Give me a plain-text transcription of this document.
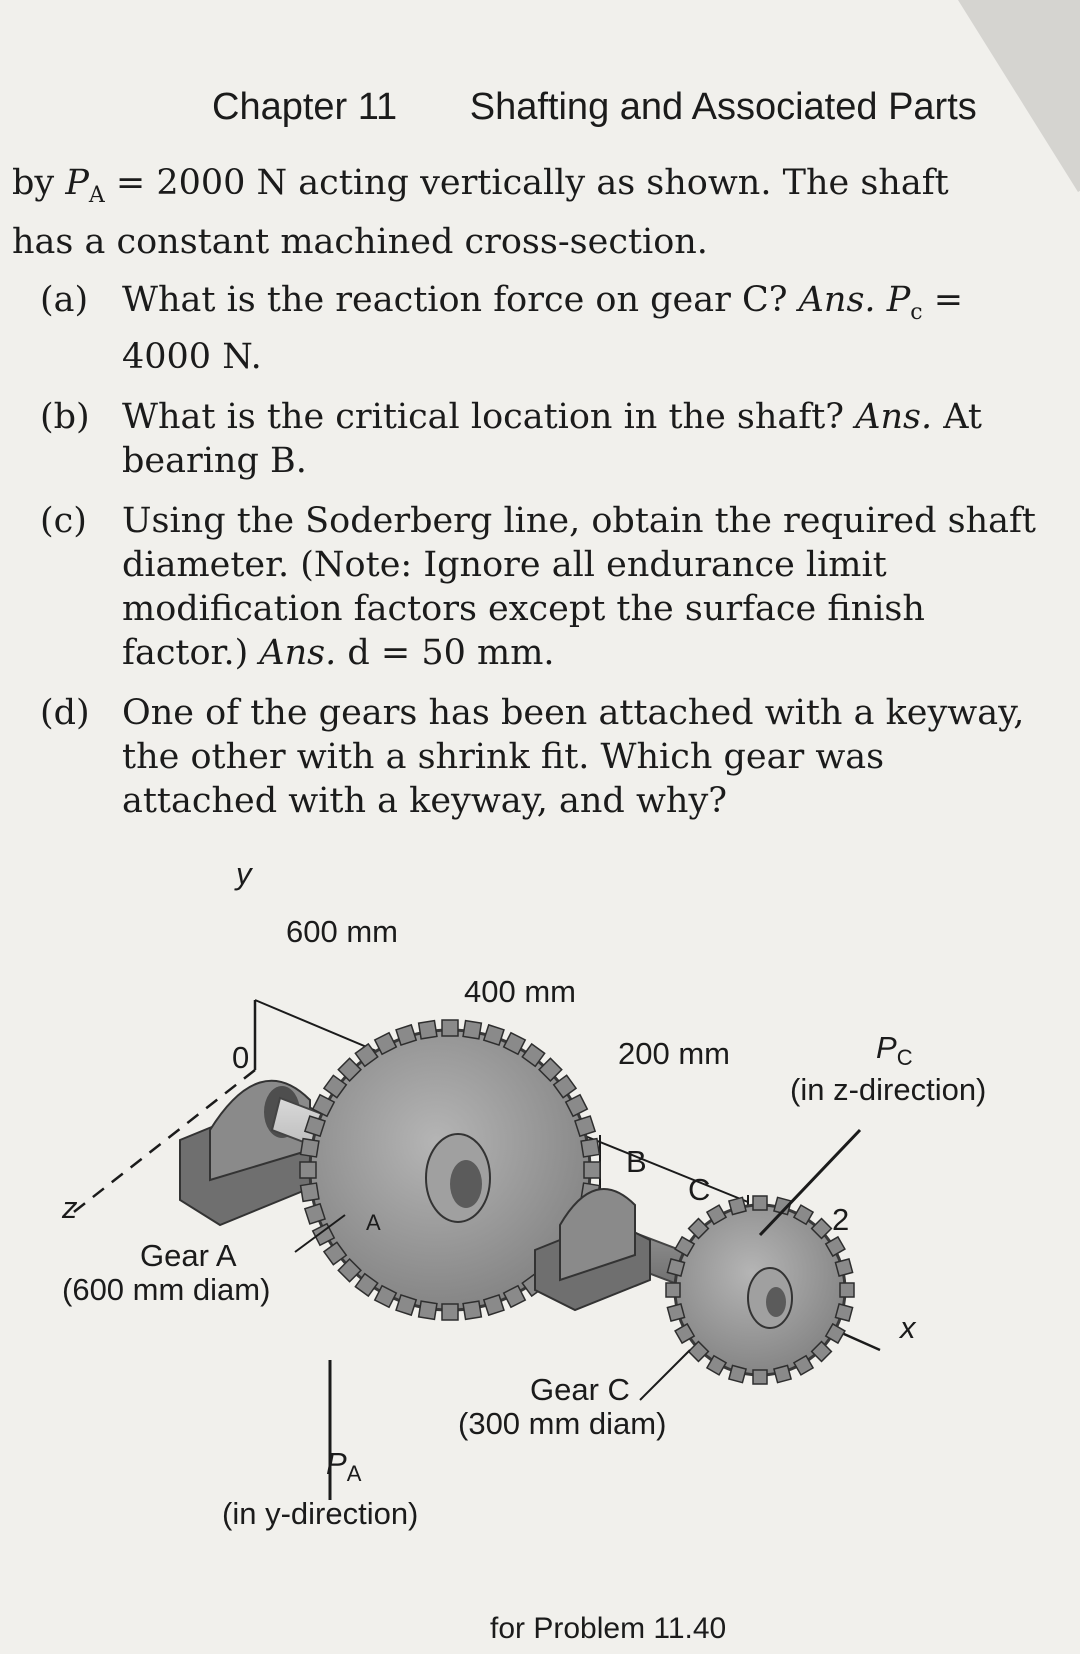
Chapter 11 Shafting and Associated Parts
by $P_A = 2000$ N acting vertically as shown. The shaft
has a constant machined cross-section.
(a) What is the reaction force on gear C? Ans. $P_c = 4000$ N.
(b) What is the critical location in the shaft? Ans. At bearing B.
(c) Using the Soderberg line, obtain the required shaft diameter. (Note: Ignore all endurance limit modification factors except the surface finish factor.) Ans. d = 50 mm.
(d) One of the gears has been attached with a keyway, the other with a shrink fit. Which gear was attached with a keyway, and why?
y
z
x
0
600 mm
400 mm
200 mm	$P_C$
(in z-direction)
B
C
A	2
Gear A
(600 mm diam)
Gear C
(300 mm diam)
$P_A$
(in y-direction)
for Problem 11.40
